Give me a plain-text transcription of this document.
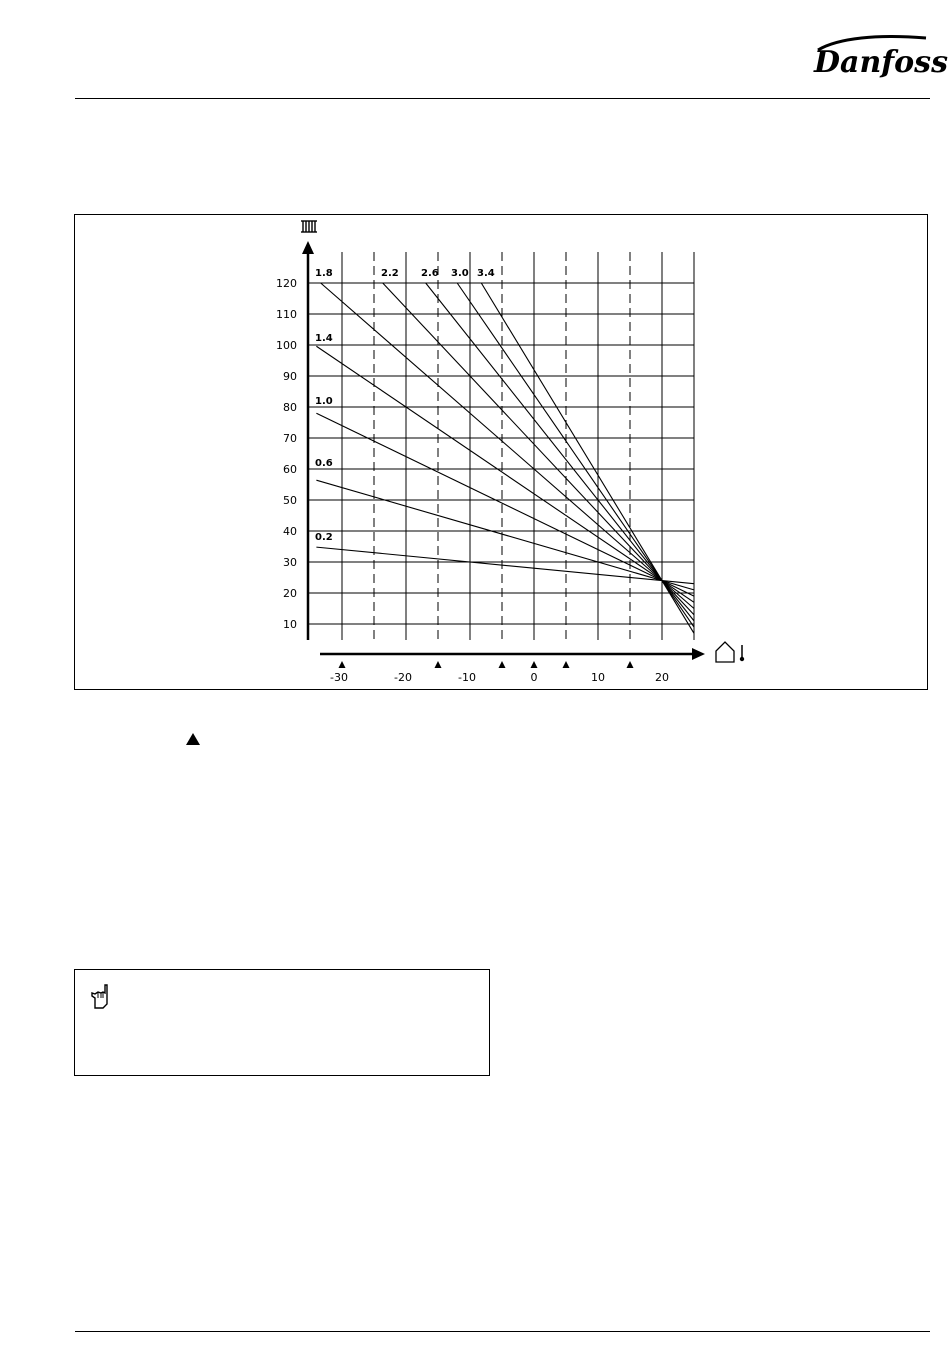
Danfoss
10
20
30
40
50
60
70
80
90
100
110
120
-30	-20	-10	0	10	20
0.2
0.6
1.0
1.4
1.8	2.2 2.6 3.0 3.4
